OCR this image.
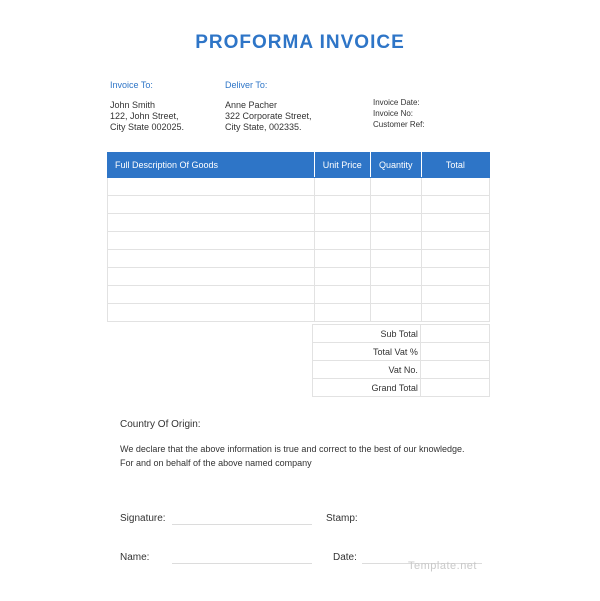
PROFORMA INVOICE
Invoice To:
John Smith
122, John Street,
City State 002025.
Deliver To:
Anne Pacher
322 Corporate Street,
City State, 002335.
Invoice Date:
Invoice No:
Customer Ref:
Full Description Of Goods	Unit Price	Quantity	Total

Sub Total	
Total Vat %	
Vat No.	
Grand Total	
Country Of Origin:
We declare that the above information is true and correct to the best of our knowledge. For and on behalf of the above named company
Signature:	Stamp:
Name:	Date:
Template.net
